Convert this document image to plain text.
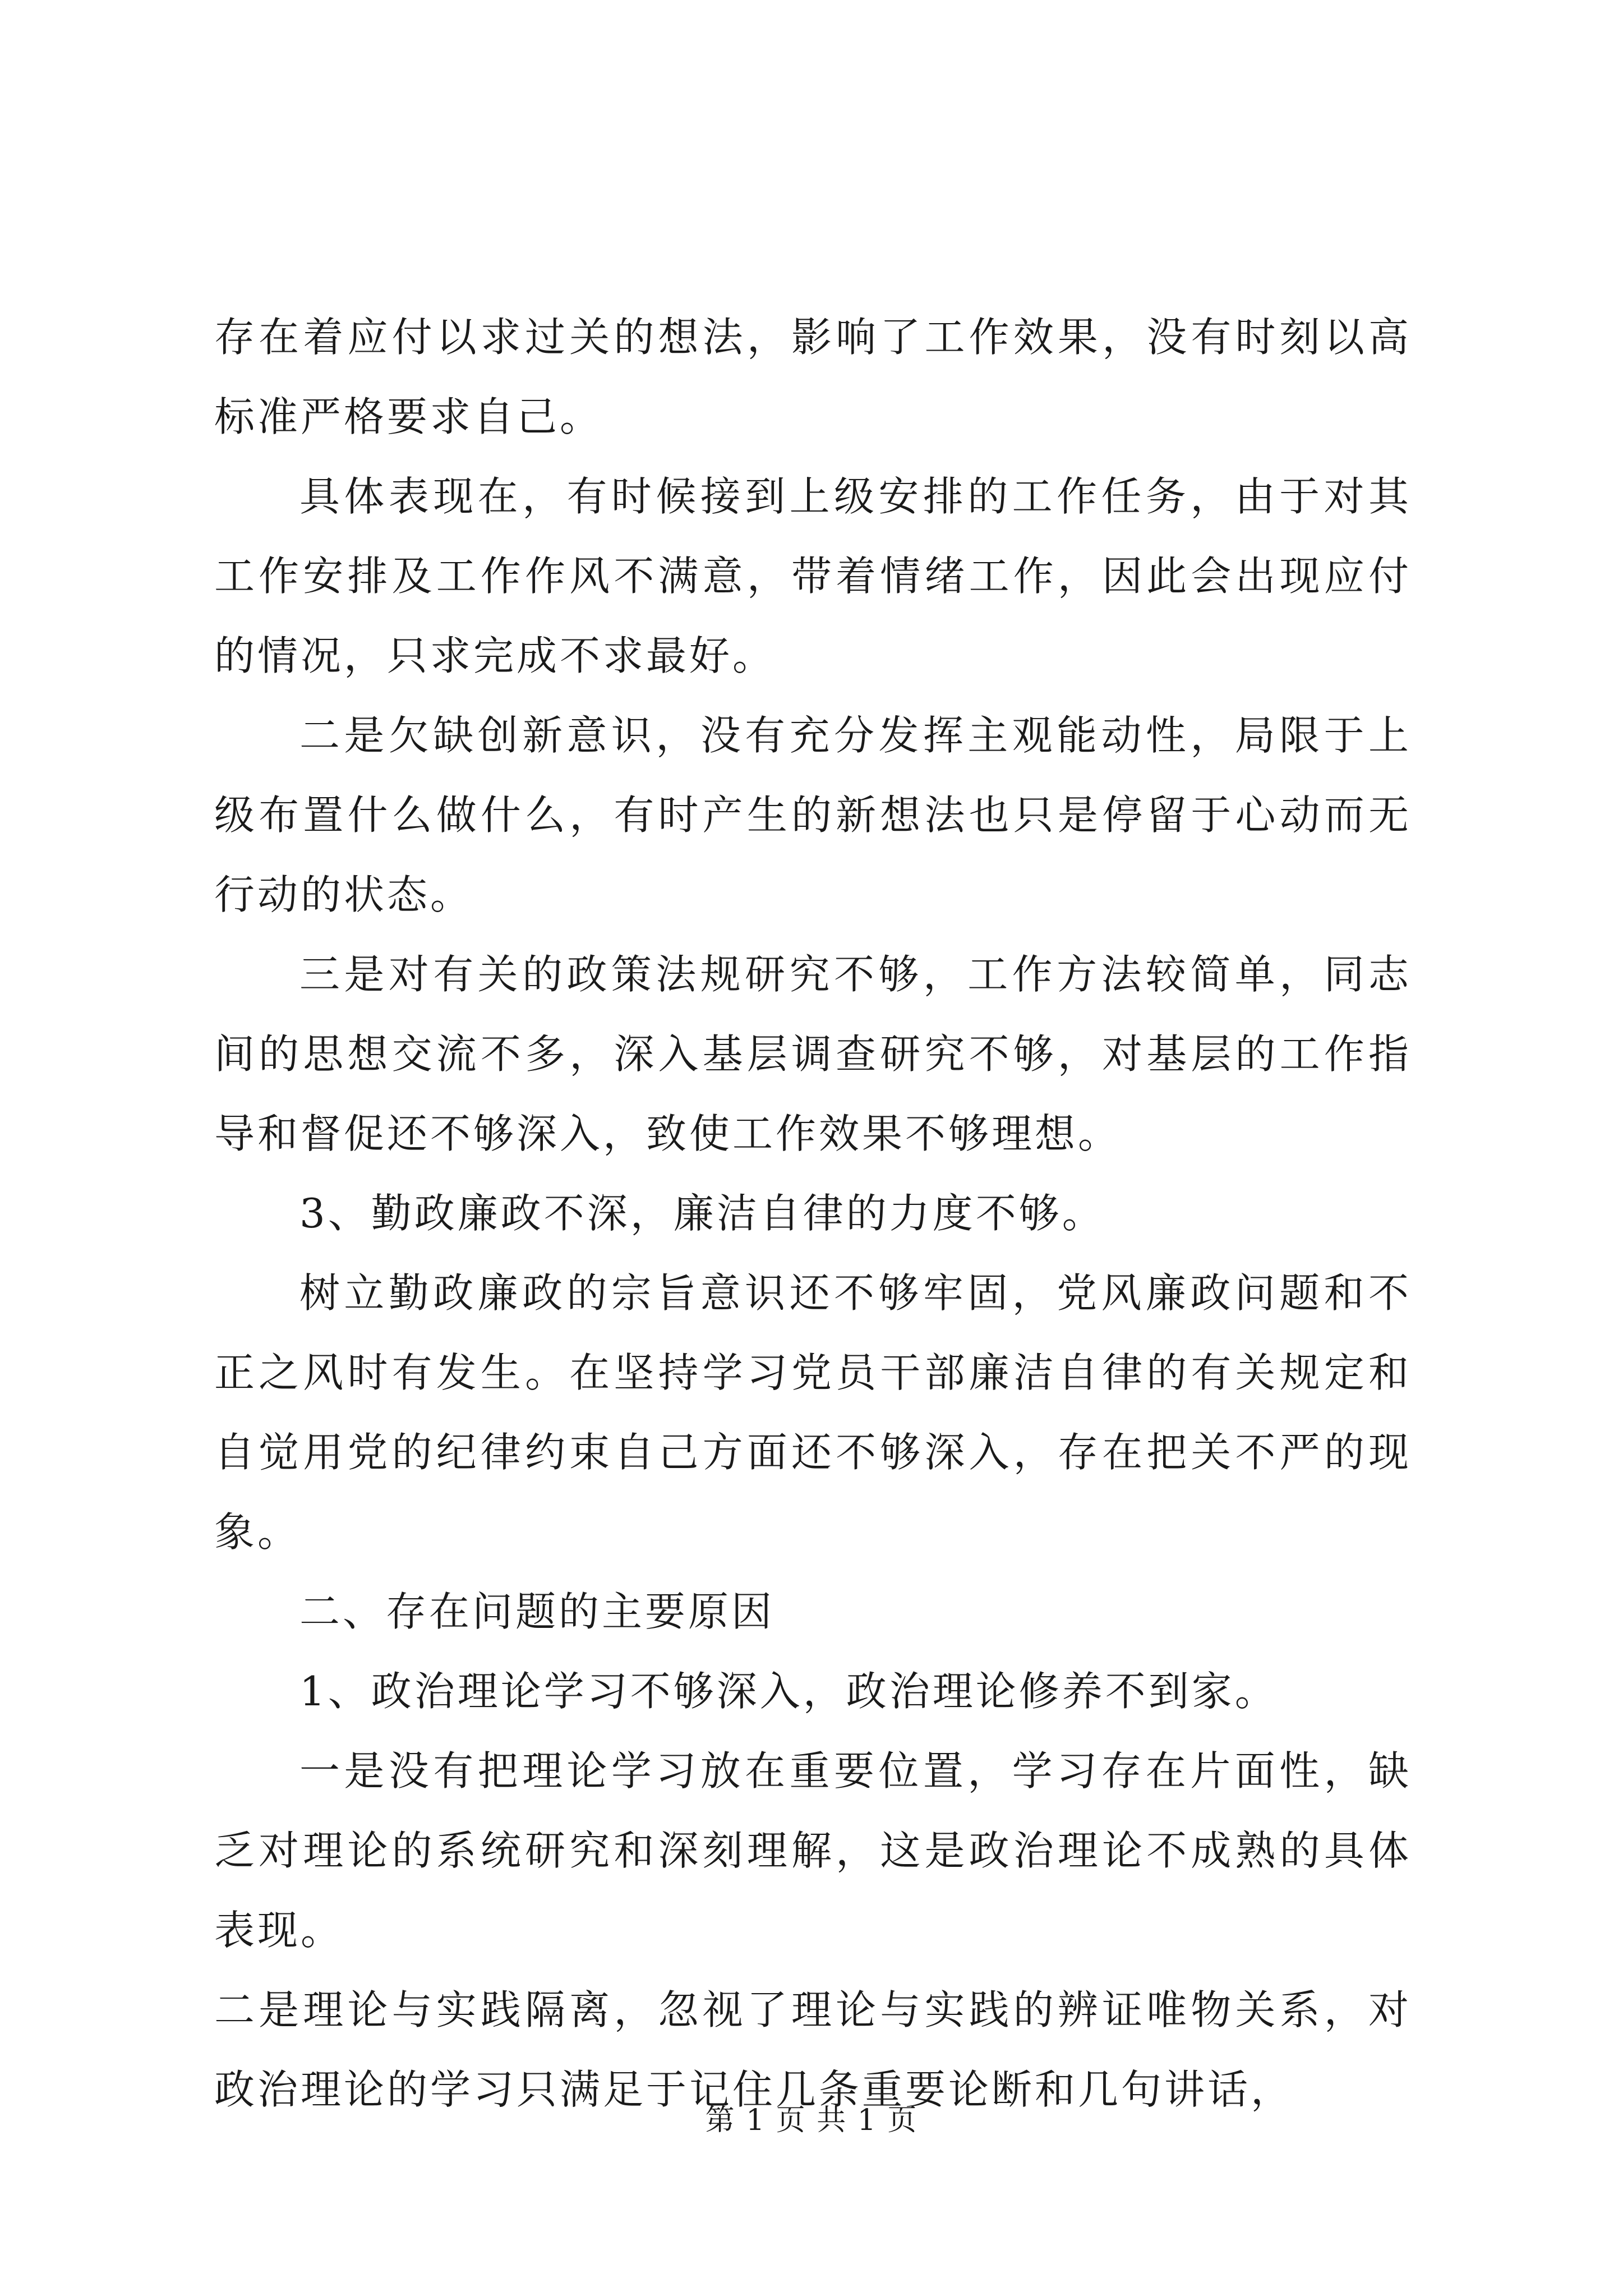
存在着应付以求过关的想法，影响了工作效果，没有时刻以高标准严格要求自己。

具体表现在，有时候接到上级安排的工作任务，由于对其工作安排及工作作风不满意，带着情绪工作，因此会出现应付的情况，只求完成不求最好。

二是欠缺创新意识，没有充分发挥主观能动性，局限于上级布置什么做什么，有时产生的新想法也只是停留于心动而无行动的状态。

三是对有关的政策法规研究不够，工作方法较简单，同志间的思想交流不多，深入基层调查研究不够，对基层的工作指导和督促还不够深入，致使工作效果不够理想。

3、勤政廉政不深，廉洁自律的力度不够。

树立勤政廉政的宗旨意识还不够牢固，党风廉政问题和不正之风时有发生。在坚持学习党员干部廉洁自律的有关规定和自觉用党的纪律约束自己方面还不够深入，存在把关不严的现象。

二、存在问题的主要原因

1、政治理论学习不够深入，政治理论修养不到家。

一是没有把理论学习放在重要位置，学习存在片面性，缺乏对理论的系统研究和深刻理解，这是政治理论不成熟的具体表现。

二是理论与实践隔离，忽视了理论与实践的辨证唯物关系，对政治理论的学习只满足于记住几条重要论断和几句讲话，

第 1 页 共 1 页
